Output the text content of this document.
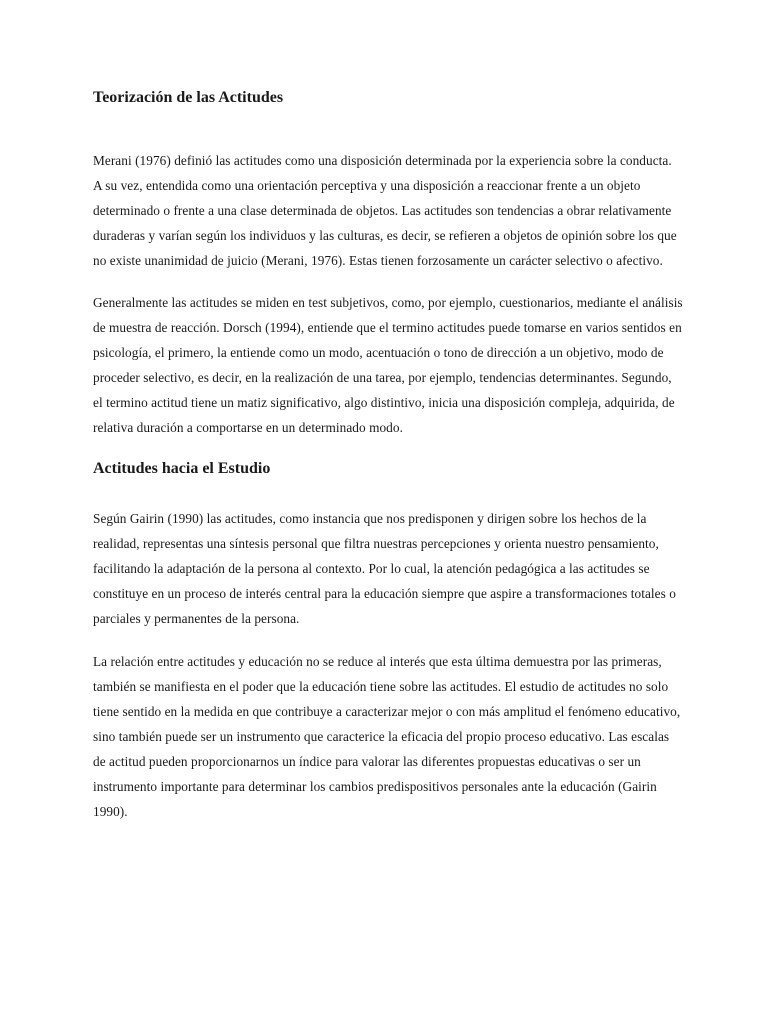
Teorización de las Actitudes

Merani (1976) definió las actitudes como una disposición determinada por la experiencia sobre la conducta. A su vez, entendida como una orientación perceptiva y una disposición a reaccionar frente a un objeto determinado o frente a una clase determinada de objetos. Las actitudes son tendencias a obrar relativamente duraderas y varían según los individuos y las culturas, es decir, se refieren a objetos de opinión sobre los que no existe unanimidad de juicio (Merani, 1976). Estas tienen forzosamente un carácter selectivo o afectivo.

Generalmente las actitudes se miden en test subjetivos, como, por ejemplo, cuestionarios, mediante el análisis de muestra de reacción. Dorsch (1994), entiende que el termino actitudes puede tomarse en varios sentidos en psicología, el primero, la entiende como un modo, acentuación o tono de dirección a un objetivo, modo de proceder selectivo, es decir, en la realización de una tarea, por ejemplo, tendencias determinantes. Segundo, el termino actitud tiene un matiz significativo, algo distintivo, inicia una disposición compleja, adquirida, de relativa duración a comportarse en un determinado modo.

Actitudes hacia el Estudio

Según Gairin (1990) las actitudes, como instancia que nos predisponen y dirigen sobre los hechos de la realidad, representas una síntesis personal que filtra nuestras percepciones y orienta nuestro pensamiento, facilitando la adaptación de la persona al contexto. Por lo cual, la atención pedagógica a las actitudes se constituye en un proceso de interés central para la educación siempre que aspire a transformaciones totales o parciales y permanentes de la persona.

La relación entre actitudes y educación no se reduce al interés que esta última demuestra por las primeras, también se manifiesta en el poder que la educación tiene sobre las actitudes. El estudio de actitudes no solo tiene sentido en la medida en que contribuye a caracterizar mejor o con más amplitud el fenómeno educativo, sino también puede ser un instrumento que caracterice la eficacia del propio proceso educativo. Las escalas de actitud pueden proporcionarnos un índice para valorar las diferentes propuestas educativas o ser un instrumento importante para determinar los cambios predispositivos personales ante la educación (Gairin 1990).
